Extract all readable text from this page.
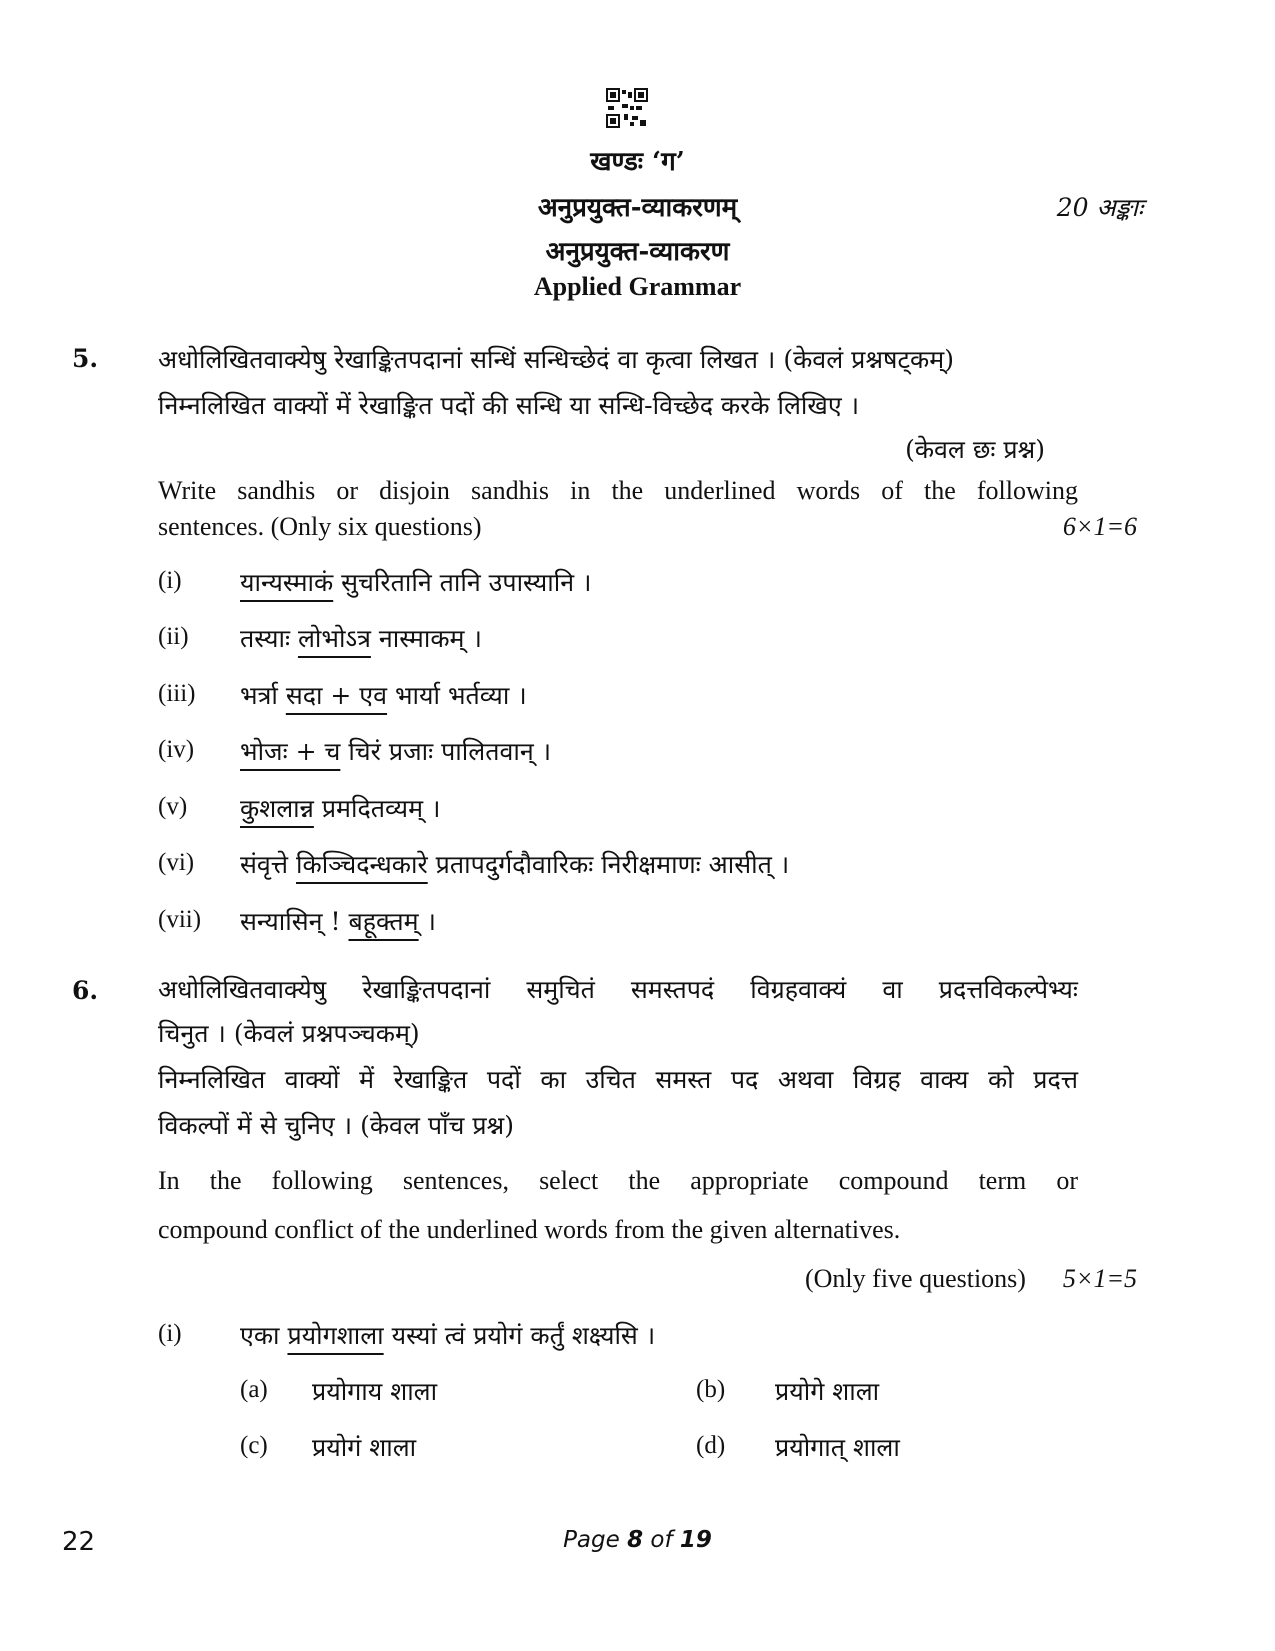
खण्डः ‘ग’
अनुप्रयुक्त-व्याकरणम्	20 अङ्काः
अनुप्रयुक्त-व्याकरण
Applied Grammar
5. अधोलिखितवाक्येषु रेखाङ्कितपदानां सन्धिं सन्धिच्छेदं वा कृत्वा लिखत । (केवलं प्रश्नषट्कम्)
निम्नलिखित वाक्यों में रेखाङ्कित पदों की सन्धि या सन्धि-विच्छेद करके लिखिए ।
(केवल छः प्रश्न)
Write sandhis or disjoin sandhis in the underlined words of the following
sentences. (Only six questions)	6×1=6
(i) यान्यस्माकं सुचरितानि तानि उपास्यानि ।
(ii) तस्याः लोभोऽत्र नास्माकम् ।
(iii) भर्त्रा सदा + एव भार्या भर्तव्या ।
(iv) भोजः + च चिरं प्रजाः पालितवान् ।
(v) कुशलान्न प्रमदितव्यम् ।
(vi) संवृत्ते किञ्चिदन्धकारे प्रतापदुर्गदौवारिकः निरीक्षमाणः आसीत् ।
(vii) सन्यासिन् ! बहूक्तम् ।
6. अधोलिखितवाक्येषु रेखाङ्कितपदानां समुचितं समस्तपदं विग्रहवाक्यं वा प्रदत्तविकल्पेभ्यः
चिनुत । (केवलं प्रश्नपञ्चकम्)
निम्नलिखित वाक्यों में रेखाङ्कित पदों का उचित समस्त पद अथवा विग्रह वाक्य को प्रदत्त
विकल्पों में से चुनिए । (केवल पाँच प्रश्न)
In the following sentences, select the appropriate compound term or
compound conflict of the underlined words from the given alternatives.
(Only five questions) 5×1=5
(i) एका प्रयोगशाला यस्यां त्वं प्रयोगं कर्तुं शक्ष्यसि ।
(a) प्रयोगाय शाला	(b) प्रयोगे शाला
(c) प्रयोगं शाला	(d) प्रयोगात् शाला
22	Page 8 of 19
